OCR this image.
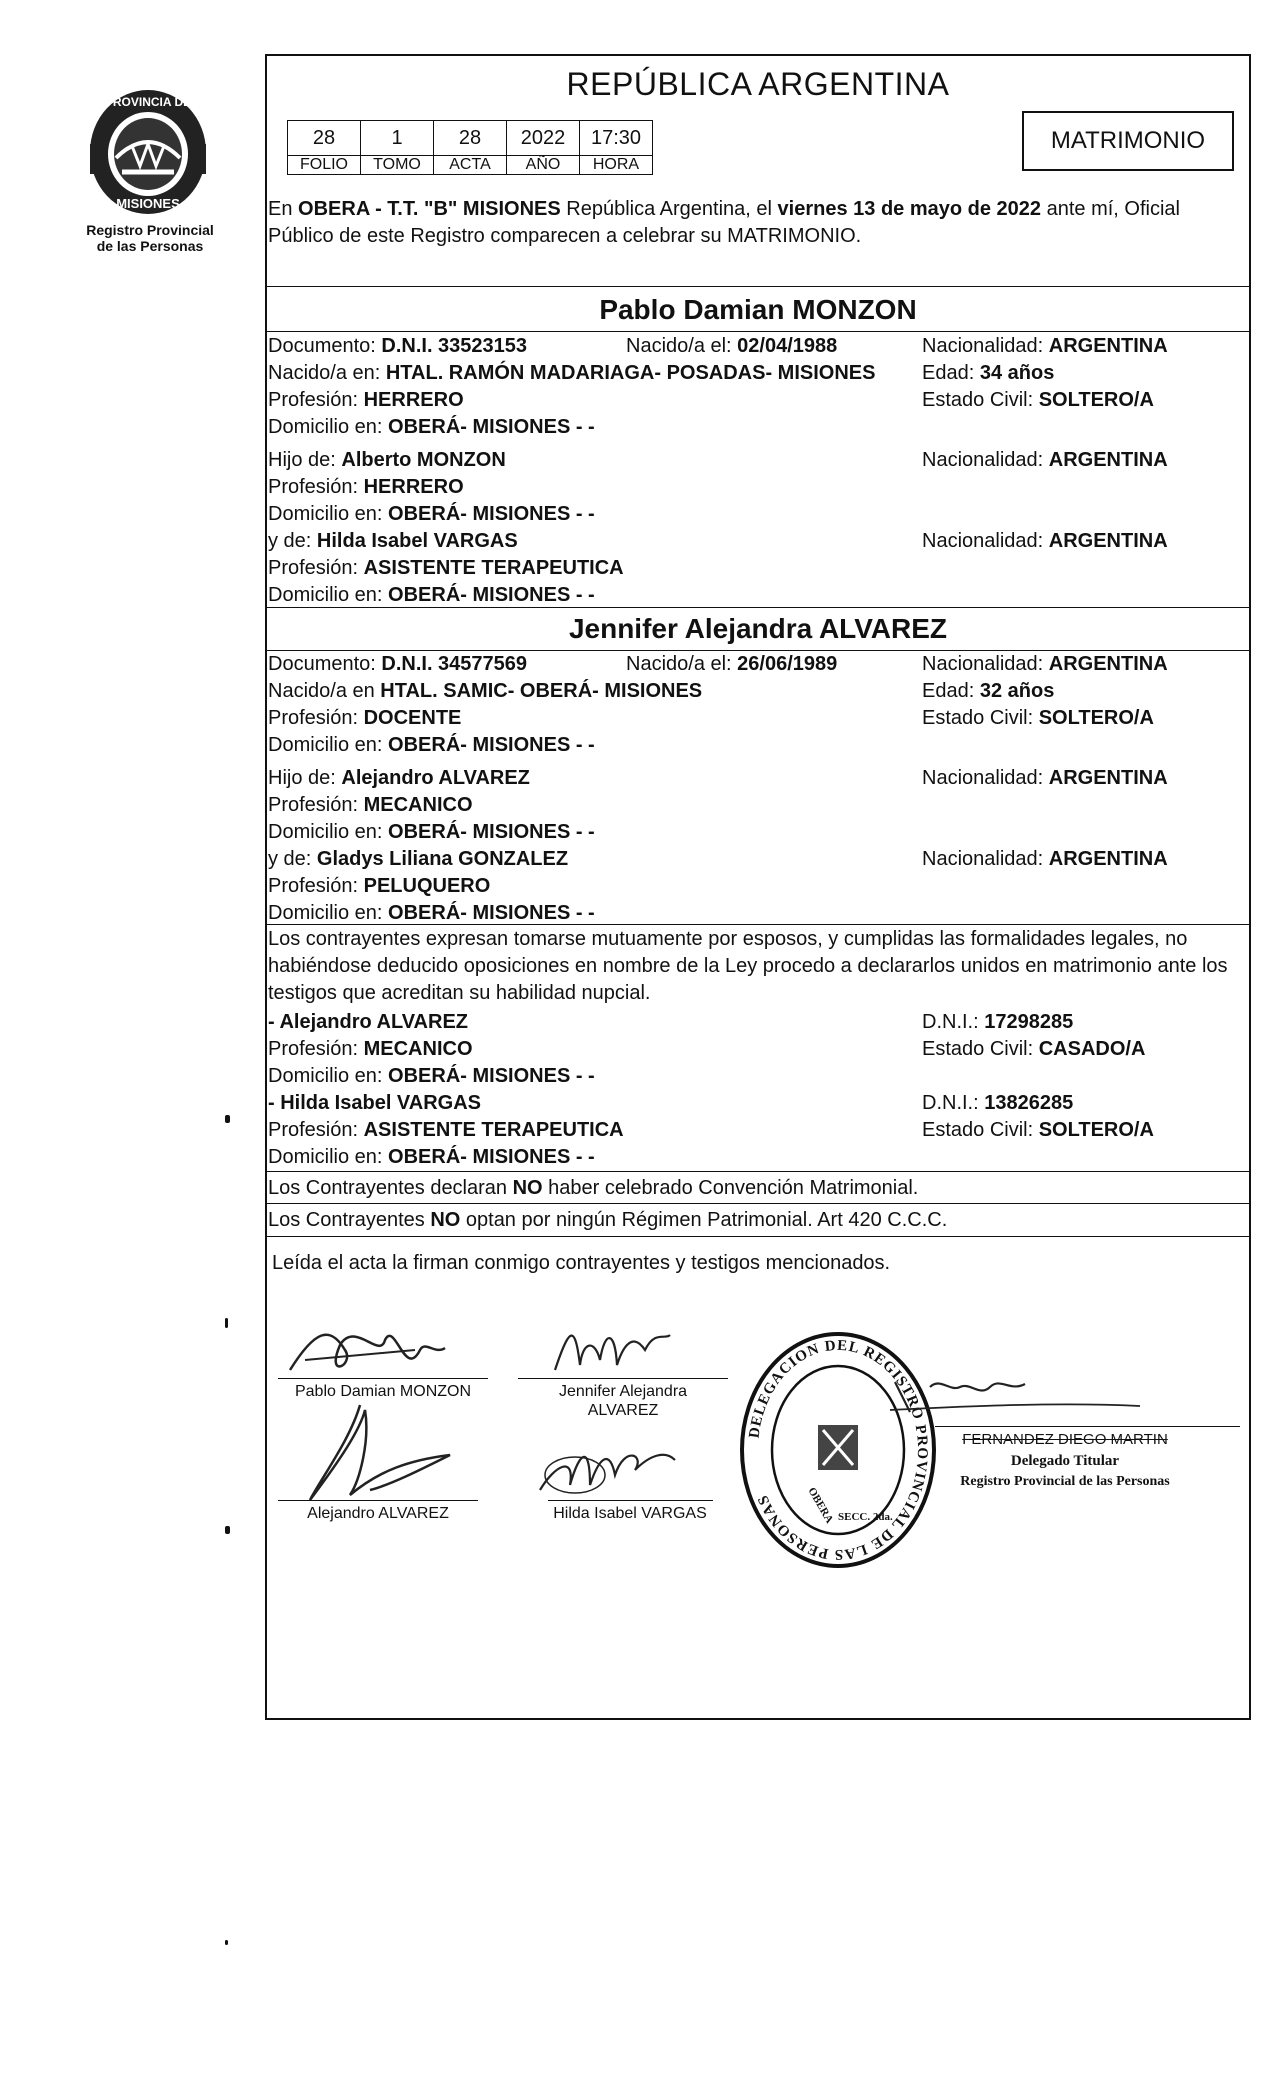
PROVINCIA DE
MISIONES
Registro Provincial
de las Personas
REPÚBLICA ARGENTINA
28	1	28	2022	17:30
FOLIO	TOMO	ACTA	AÑO	HORA
MATRIMONIO
En OBERA - T.T. "B" MISIONES República Argentina, el viernes 13 de mayo de 2022 ante mí, Oficial Público de este Registro comparecen a celebrar su MATRIMONIO.
Pablo Damian MONZON
Documento: D.N.I. 33523153	Nacido/a el: 02/04/1988	Nacionalidad: ARGENTINA
Nacido/a en: HTAL. RAMÓN MADARIAGA- POSADAS- MISIONES Edad: 34 años
Profesión: HERRERO	Estado Civil: SOLTERO/A
Domicilio en: OBERÁ- MISIONES - -
Hijo de: Alberto MONZON	Nacionalidad: ARGENTINA
Profesión: HERRERO
Domicilio en: OBERÁ- MISIONES - -
y de: Hilda Isabel VARGAS	Nacionalidad: ARGENTINA
Profesión: ASISTENTE TERAPEUTICA
Domicilio en: OBERÁ- MISIONES - -
Jennifer Alejandra ALVAREZ
Documento: D.N.I. 34577569	Nacido/a el: 26/06/1989	Nacionalidad: ARGENTINA
Nacido/a en HTAL. SAMIC- OBERÁ- MISIONES	Edad: 32 años
Profesión: DOCENTE	Estado Civil: SOLTERO/A
Domicilio en: OBERÁ- MISIONES - -
Hijo de: Alejandro ALVAREZ	Nacionalidad: ARGENTINA
Profesión: MECANICO
Domicilio en: OBERÁ- MISIONES - -
y de: Gladys Liliana GONZALEZ	Nacionalidad: ARGENTINA
Profesión: PELUQUERO
Domicilio en: OBERÁ- MISIONES - -
Los contrayentes expresan tomarse mutuamente por esposos, y cumplidas las formalidades legales, no habiéndose deducido oposiciones en nombre de la Ley procedo a declararlos unidos en matrimonio ante los testigos que acreditan su habilidad nupcial.
- Alejandro ALVAREZ	D.N.I.: 17298285
Profesión: MECANICO	Estado Civil: CASADO/A
Domicilio en: OBERÁ- MISIONES - -
- Hilda Isabel VARGAS	D.N.I.: 13826285
Profesión: ASISTENTE TERAPEUTICA	Estado Civil: SOLTERO/A
Domicilio en: OBERÁ- MISIONES - -
Los Contrayentes declaran NO haber celebrado Convención Matrimonial.
Los Contrayentes NO optan por ningún Régimen Patrimonial. Art 420 C.C.C.
Leída el acta la firman conmigo contrayentes y testigos mencionados.
Pablo Damian MONZON	Jennifer Alejandra
ALVAREZ
Alejandro ALVAREZ	Hilda Isabel VARGAS
DELEGACION DEL REGISTRO PROVINCIAL DE LAS PERSONAS	OBERA SECC. 2da.
FERNANDEZ DIEGO MARTIN
Delegado Titular
Registro Provincial de las Personas
